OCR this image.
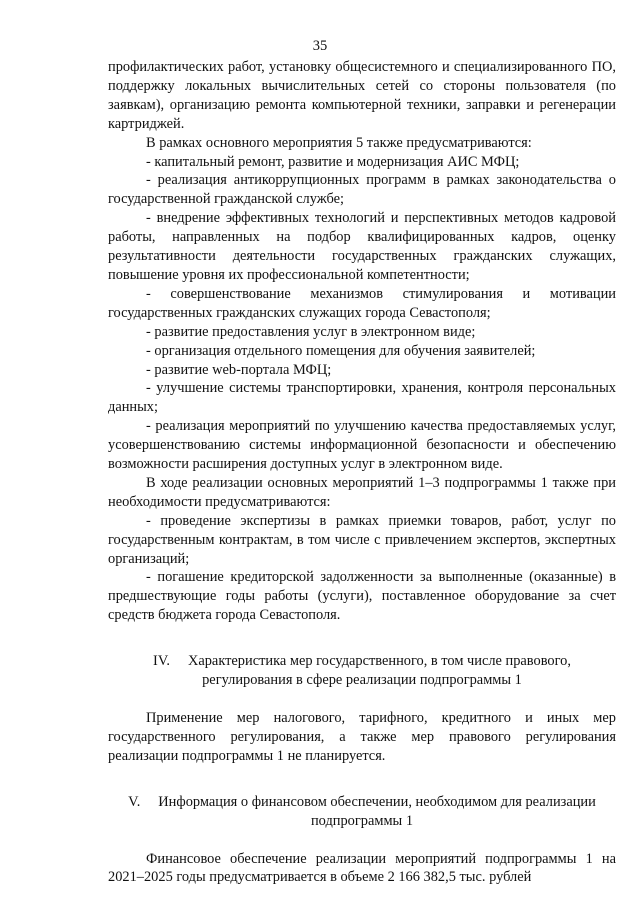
35

профилактических работ, установку общесистемного и специализированного ПО, поддержку локальных вычислительных сетей со стороны пользователя (по заявкам), организацию ремонта компьютерной техники, заправки и регенерации картриджей.

В рамках основного мероприятия 5 также предусматриваются:

- капитальный ремонт, развитие и модернизация АИС МФЦ;

- реализация антикоррупционных программ в рамках законодательства о государственной гражданской службе;

- внедрение эффективных технологий и перспективных методов кадровой работы, направленных на подбор квалифицированных кадров, оценку результативности деятельности государственных гражданских служащих, повышение уровня их профессиональной компетентности;

- совершенствование механизмов стимулирования и мотивации государственных гражданских служащих города Севастополя;

- развитие предоставления услуг в электронном виде;

- организация отдельного помещения для обучения заявителей;

- развитие web-портала МФЦ;

- улучшение системы транспортировки, хранения, контроля персональных данных;

- реализация мероприятий по улучшению качества предоставляемых услуг, усовершенствованию системы информационной безопасности и обеспечению возможности расширения доступных услуг в электронном виде.

В ходе реализации основных мероприятий 1–3 подпрограммы 1 также при необходимости предусматриваются:

- проведение экспертизы в рамках приемки товаров, работ, услуг по государственным контрактам, в том числе с привлечением экспертов, экспертных организаций;

- погашение кредиторской задолженности за выполненные (оказанные) в предшествующие годы работы (услуги), поставленное оборудование за счет средств бюджета города Севастополя.

IV.     Характеристика мер государственного, в том числе правового,

регулирования в сфере реализации подпрограммы 1

Применение мер налогового, тарифного, кредитного и иных мер государственного регулирования, а также мер правового регулирования реализации подпрограммы 1 не планируется.

V.     Информация о финансовом обеспечении, необходимом для реализации

подпрограммы 1

Финансовое обеспечение реализации мероприятий подпрограммы 1 на 2021–2025 годы предусматривается в объеме 2 166 382,5 тыс. рублей
